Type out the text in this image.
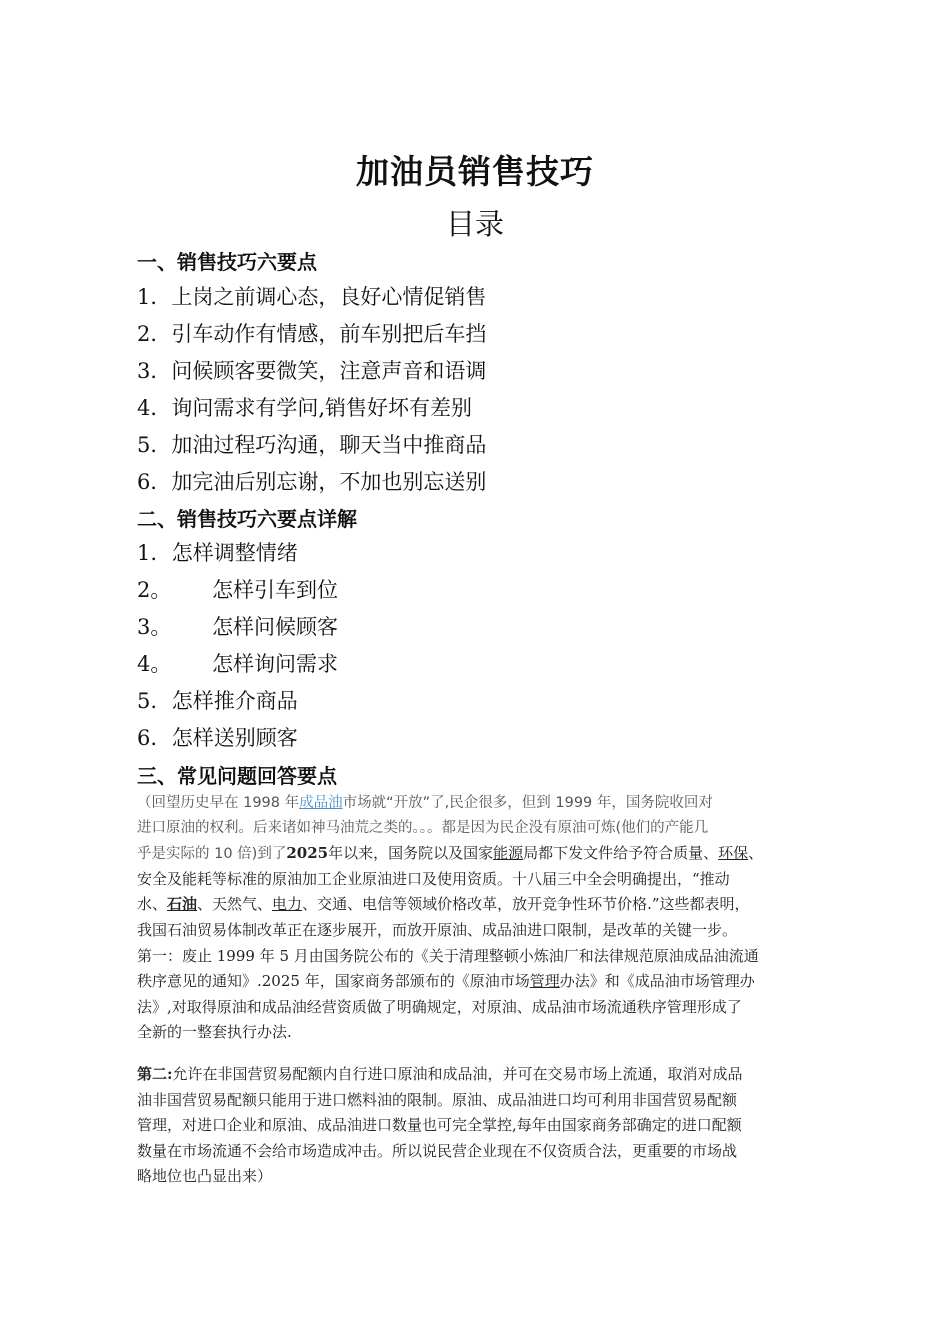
加油员销售技巧
目录
一、销售技巧六要点
1．上岗之前调心态，良好心情促销售
2．引车动作有情感，前车别把后车挡
3．问候顾客要微笑，注意声音和语调
4．询问需求有学问,销售好坏有差别
5．加油过程巧沟通，聊天当中推商品
6．加完油后别忘谢，不加也别忘送别
二、销售技巧六要点详解
1. 怎样调整情绪
2。 怎样引车到位
3。 怎样问候顾客
4。 怎样询问需求
5. 怎样推介商品
6. 怎样送别顾客
三、常见问题回答要点
（回望历史早在 1998 年成品油市场就“开放”了,民企很多，但到 1999 年，国务院收回对
进口原油的权利。后来诸如神马油荒之类的。。。都是因为民企没有原油可炼(他们的产能几
乎是实际的 10 倍)到了2025年以来，国务院以及国家能源局都下发文件给予符合质量、环保、
安全及能耗等标准的原油加工企业原油进口及使用资质。十八届三中全会明确提出，“推动
水、石油、天然气、电力、交通、电信等领域价格改革，放开竞争性环节价格.”这些都表明，
我国石油贸易体制改革正在逐步展开，而放开原油、成品油进口限制，是改革的关键一步。
第一：废止 1999 年 5 月由国务院公布的《关于清理整顿小炼油厂和法律规范原油成品油流通
秩序意见的通知》.2025 年，国家商务部颁布的《原油市场管理办法》和《成品油市场管理办
法》,对取得原油和成品油经营资质做了明确规定，对原油、成品油市场流通秩序管理形成了
全新的一整套执行办法.
第二:允许在非国营贸易配额内自行进口原油和成品油，并可在交易市场上流通，取消对成品
油非国营贸易配额只能用于进口燃料油的限制。原油、成品油进口均可利用非国营贸易配额
管理，对进口企业和原油、成品油进口数量也可完全掌控,每年由国家商务部确定的进口配额
数量在市场流通不会给市场造成冲击。所以说民营企业现在不仅资质合法，更重要的市场战
略地位也凸显出来）
